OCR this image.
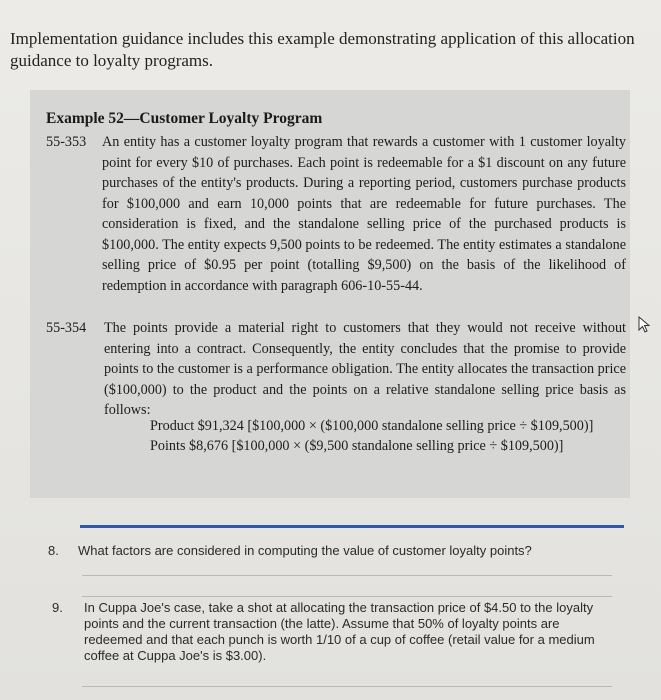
Implementation guidance includes this example demonstrating application of this allocation guidance to loyalty programs.
Example 52—Customer Loyalty Program
55-353 An entity has a customer loyalty program that rewards a customer with 1 customer loyalty point for every $10 of purchases. Each point is redeemable for a $1 discount on any future purchases of the entity's products. During a reporting period, customers purchase products for $100,000 and earn 10,000 points that are redeemable for future purchases. The consideration is fixed, and the standalone selling price of the purchased products is $100,000. The entity expects 9,500 points to be redeemed. The entity estimates a standalone selling price of $0.95 per point (totalling $9,500) on the basis of the likelihood of redemption in accordance with paragraph 606-10-55-44.
55-354 The points provide a material right to customers that they would not receive without entering into a contract. Consequently, the entity concludes that the promise to provide points to the customer is a performance obligation. The entity allocates the transaction price ($100,000) to the product and the points on a relative standalone selling price basis as follows:
Product $91,324 [$100,000 × ($100,000 standalone selling price ÷ $109,500)]
Points $8,676 [$100,000 × ($9,500 standalone selling price ÷ $109,500)]
8. What factors are considered in computing the value of customer loyalty points?
9. In Cuppa Joe's case, take a shot at allocating the transaction price of $4.50 to the loyalty points and the current transaction (the latte). Assume that 50% of loyalty points are redeemed and that each punch is worth 1/10 of a cup of coffee (retail value for a medium coffee at Cuppa Joe's is $3.00).
